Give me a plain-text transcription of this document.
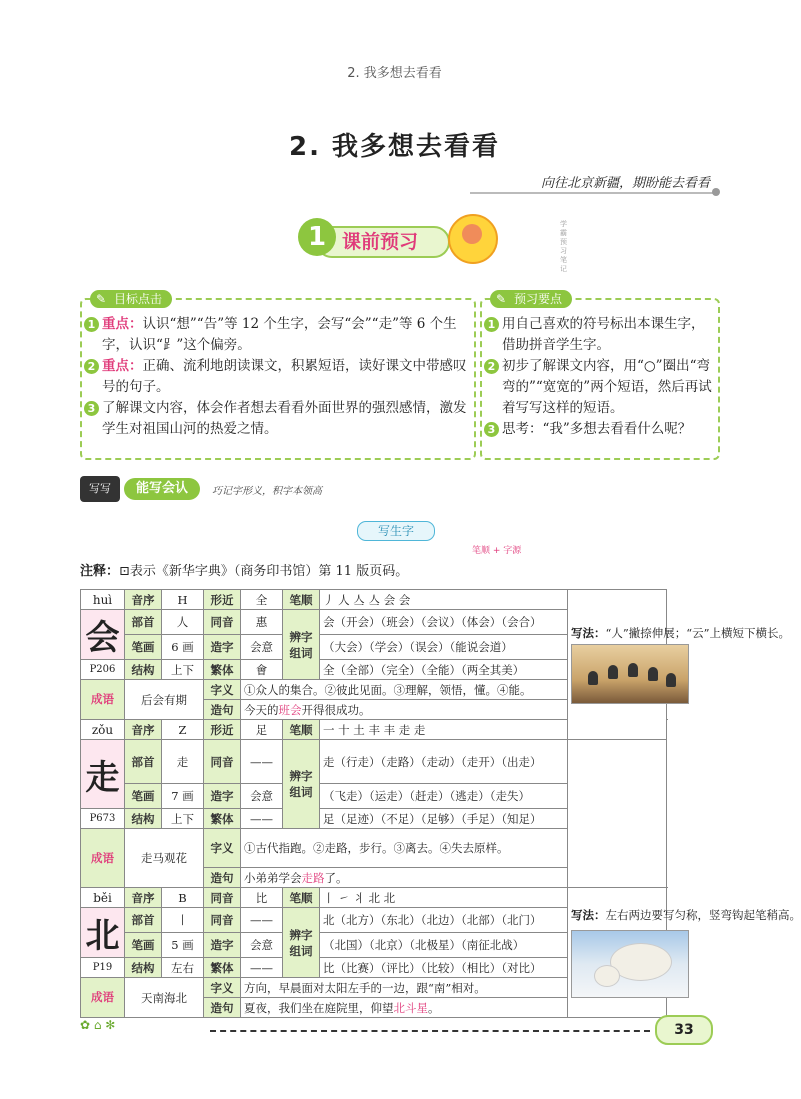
2. 我多想去看看
2. 我多想去看看
向往北京新疆，期盼能去看看
1 课前预习
学霸预习笔记
✎ 目标点击
1 重点：认识“想”“告”等 12 个生字，会写“会”“走”等 6 个生字，认识“⻊”这个偏旁。
2 重点：正确、流利地朗读课文，积累短语，读好课文中带感叹号的句子。
3 了解课文内容，体会作者想去看看外面世界的强烈感情，激发学生对祖国山河的热爱之情。
✎ 预习要点
1 用自己喜欢的符号标出本课生字，借助拼音学生字。
2 初步了解课文内容，用“○”圈出“弯弯的”“宽宽的”两个短语，然后再试着写写这样的短语。
3 思考：“我”多想去看看什么呢？
写写	能写会认	巧记字形义，积字本领高
写生字
笔顺 + 字源
注释：⊡表示《新华字典》（商务印书馆）第 11 版页码。
huì	音序	H	形近	全	笔顺	丿 人 亼 亼 会 会	写法：“人”撇捺伸展；“云”上横短下横长。	

会	部首	人	同音	惠	辨字组词	会（开会）（班会）（会议）（体会）（会合）		
	笔画	6 画	造字	会意		（大会）（学会）（误会）（能说会道）		
P206	结构	上下	繁体	會		全（全部）（完全）（全能）（两全其美）		
成语	后会有期		字义	①众人的集合。②彼此见面。③理解，领悟，懂。④能。				
			造句	今天的班会开得很成功。				
zǒu	音序	Z	形近	足	笔顺	一 十 土 丰 丰 走 走	

走	部首	走	同音	——	辨字组词	走（行走）（走路）（走动）（走开）（出走）		
	笔画	7 画	造字	会意		（飞走）（运走）（赶走）（逃走）（走失）		
P673	结构	上下	繁体	——		足（足迹）（不足）（足够）（手足）（知足）		
成语	走马观花		字义	①古代指跑。②走路，步行。③离去。④失去原样。				
			造句	小弟弟学会走路了。				
běi	音序	B	同音	比	笔顺	丨 ㇀ 丬 北 北	写法：左右两边要写匀称，竖弯钩起笔稍高。	

北	部首	丨	同音	——	辨字组词	北（北方）（东北）（北边）（北部）（北门）		
	笔画	5 画	造字	会意		（北国）（北京）（北极星）（南征北战）		
P19	结构	左右	繁体	——		比（比赛）（评比）（比较）（相比）（对比）		
成语	天南海北		字义	方向，早晨面对太阳左手的一边，跟“南”相对。				
			造句	夏夜，我们坐在庭院里，仰望北斗星。				
✿ ⌂ ✻	33
